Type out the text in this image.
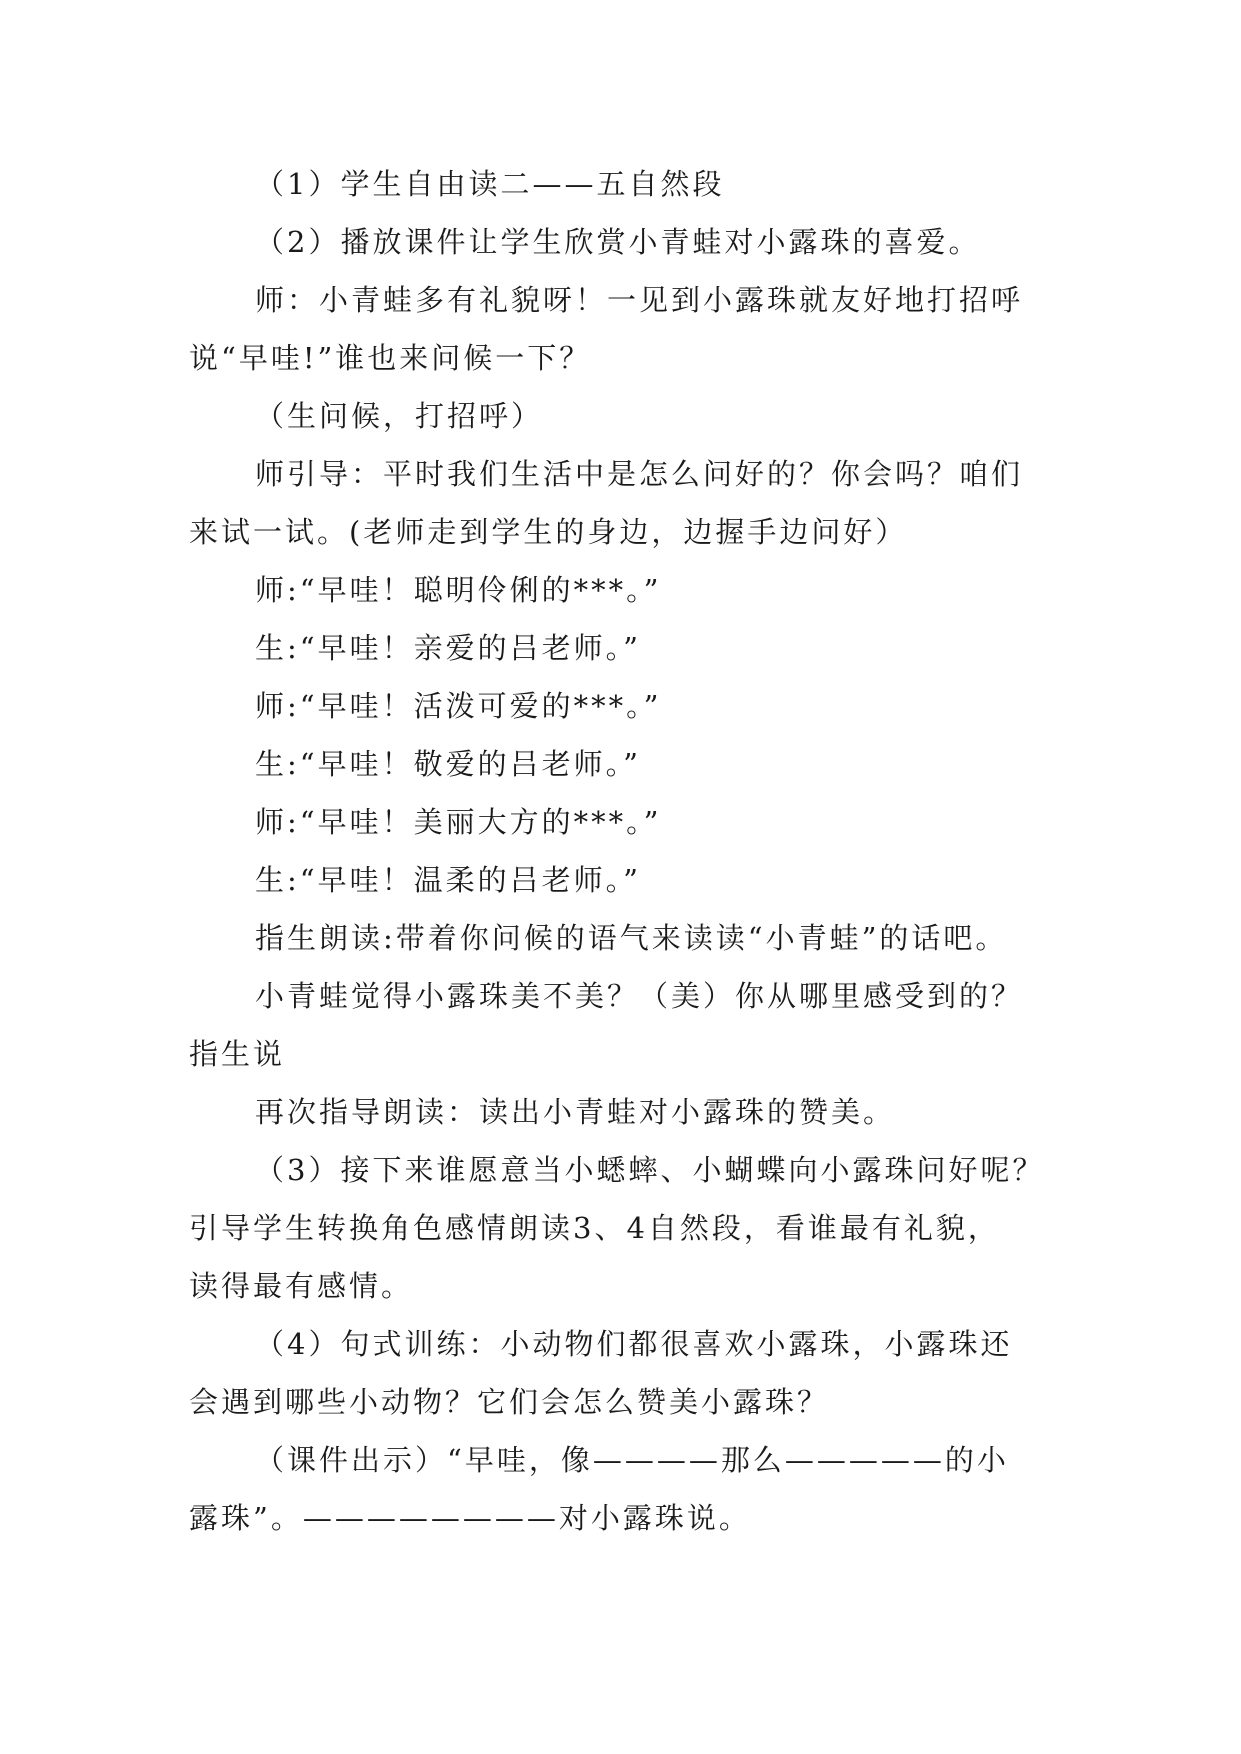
（1）学生自由读二——五自然段

（2）播放课件让学生欣赏小青蛙对小露珠的喜爱。

师：小青蛙多有礼貌呀！一见到小露珠就友好地打招呼

说“早哇!”谁也来问候一下？

（生问候，打招呼）

师引导：平时我们生活中是怎么问好的？你会吗？咱们

来试一试。(老师走到学生的身边，边握手边问好）

师:“早哇！聪明伶俐的***。”

生:“早哇！亲爱的吕老师。”

师:“早哇！活泼可爱的***。”

生:“早哇！敬爱的吕老师。”

师:“早哇！美丽大方的***。”

生:“早哇！温柔的吕老师。”

指生朗读:带着你问候的语气来读读“小青蛙”的话吧。

小青蛙觉得小露珠美不美？（美）你从哪里感受到的？

指生说

再次指导朗读：读出小青蛙对小露珠的赞美。

（3）接下来谁愿意当小蟋蟀、小蝴蝶向小露珠问好呢？

引导学生转换角色感情朗读3、4自然段，看谁最有礼貌，

读得最有感情。

（4）句式训练：小动物们都很喜欢小露珠，小露珠还

会遇到哪些小动物？它们会怎么赞美小露珠？

（课件出示）“早哇，像————那么—————的小

露珠”。————————对小露珠说。
